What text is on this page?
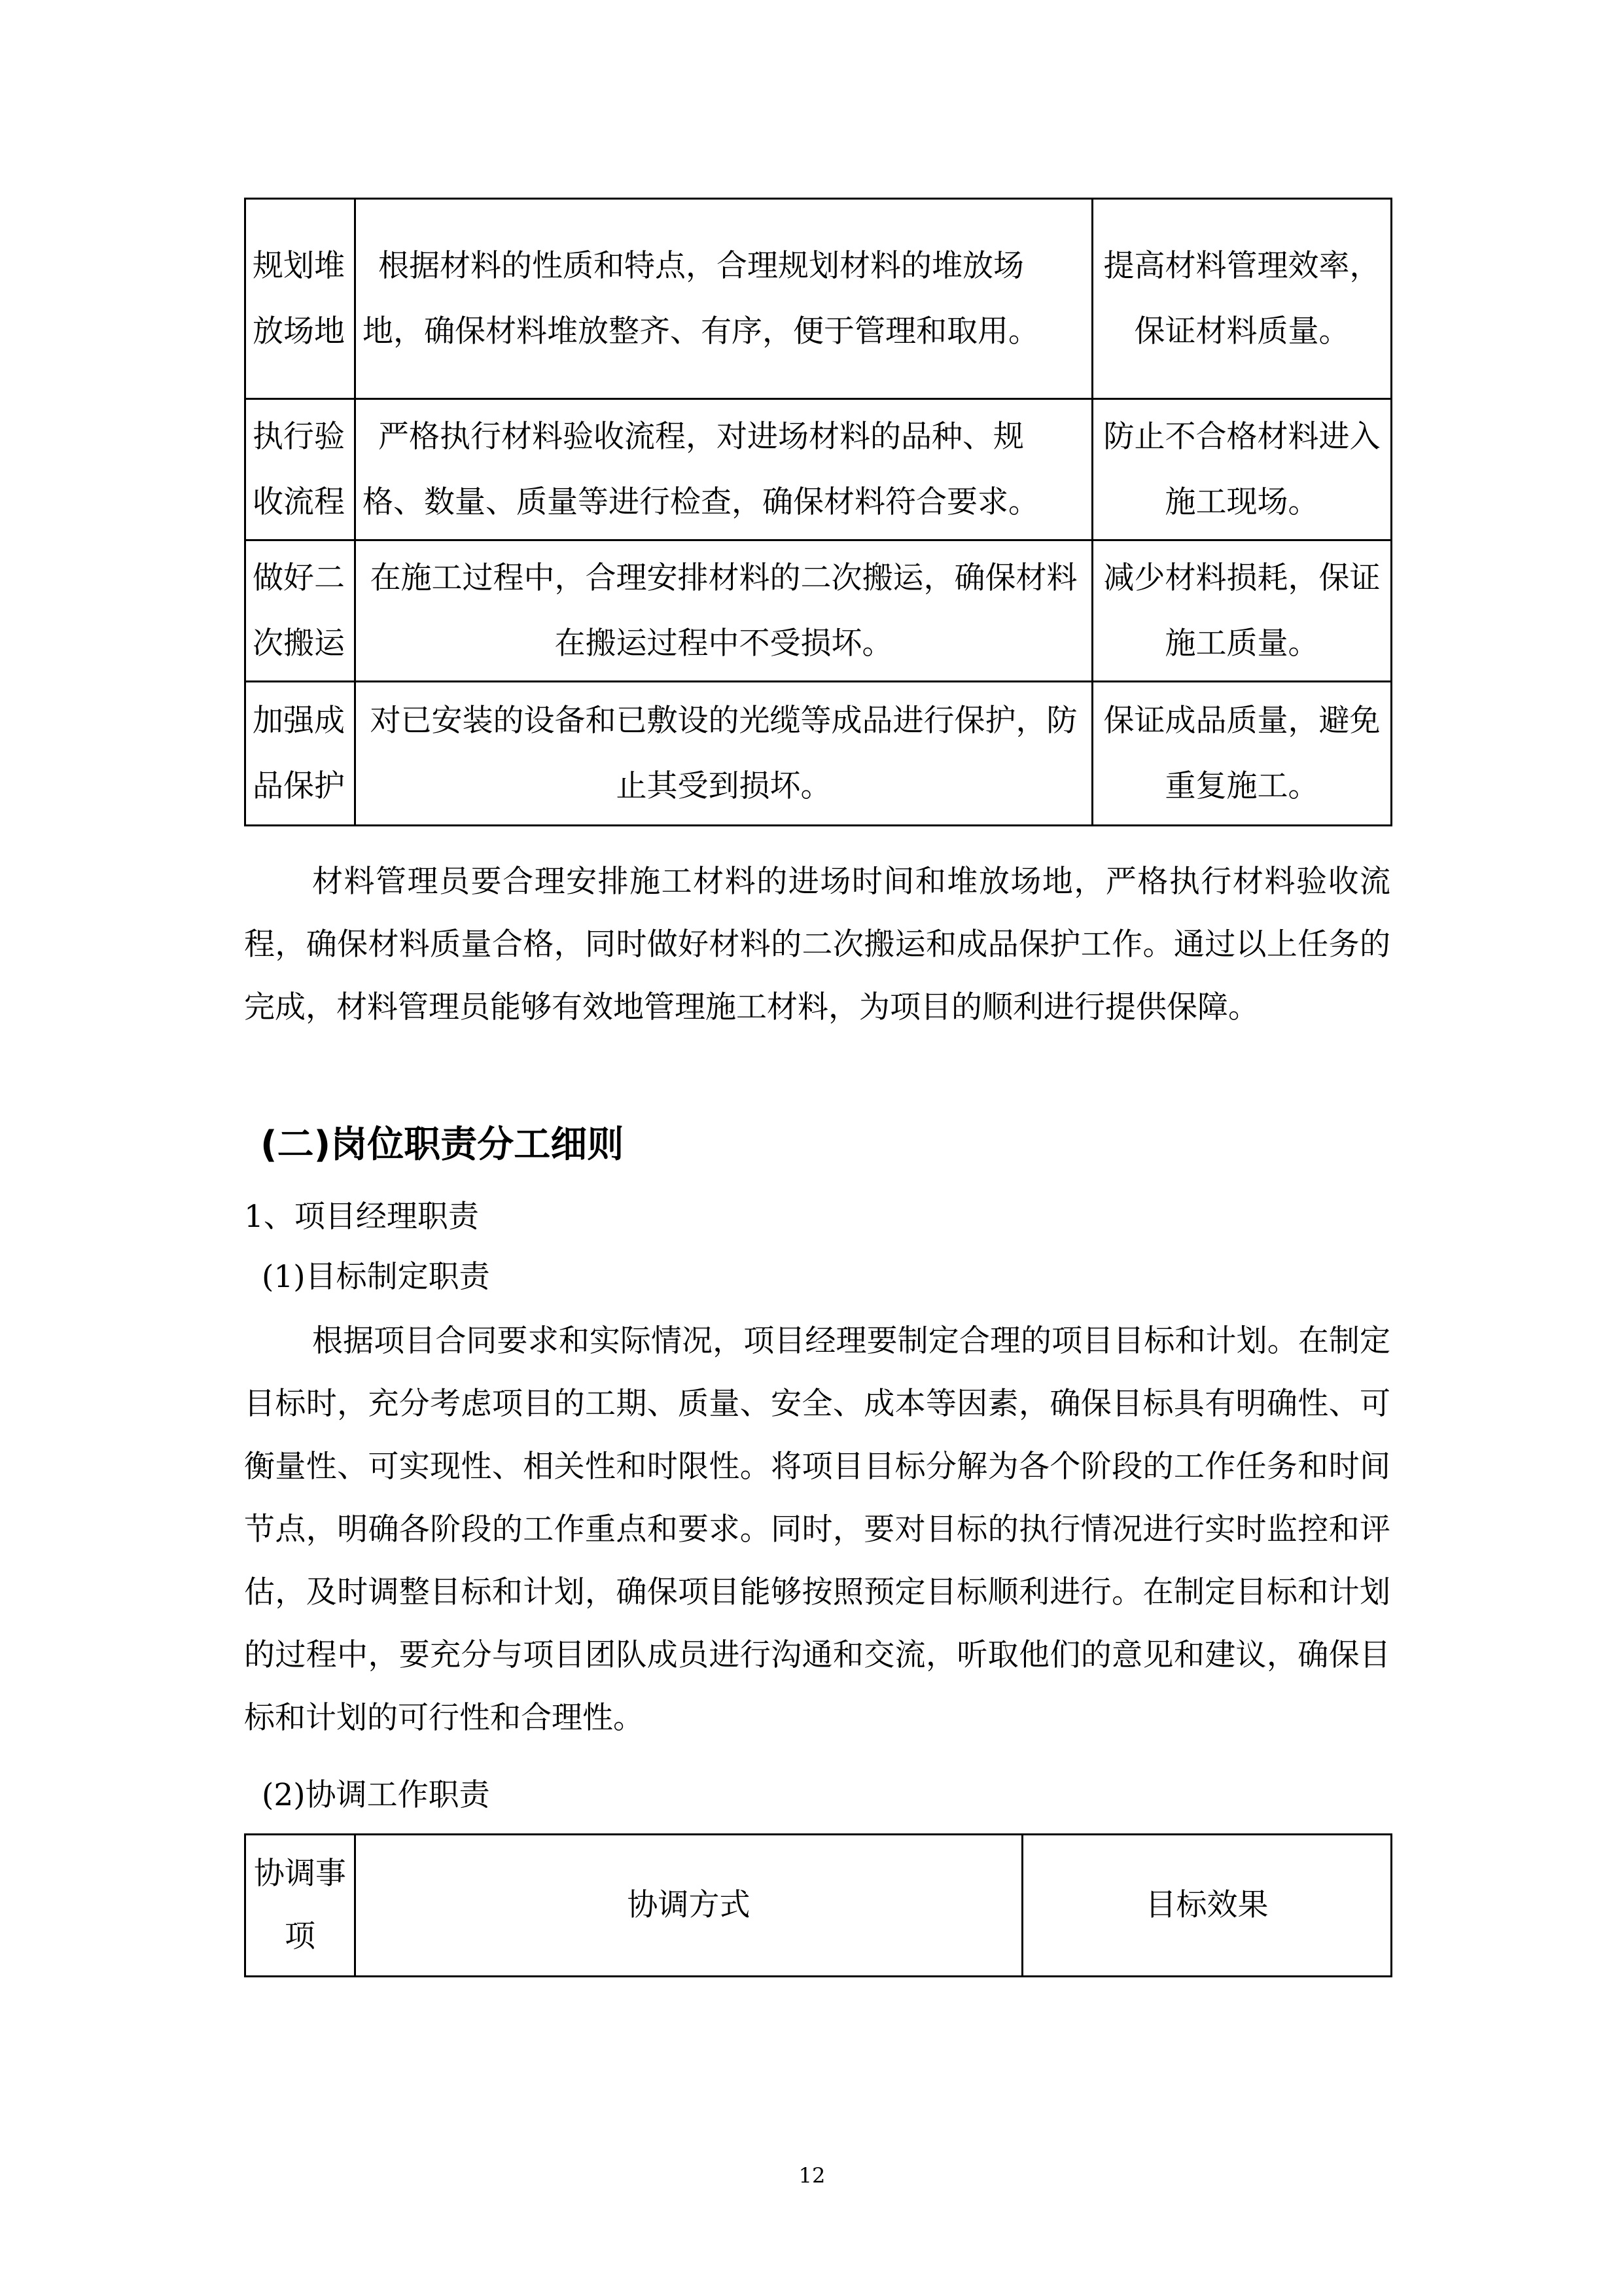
规划堆放场地	根据材料的性质和特点，合理规划材料的堆放场地，确保材料堆放整齐、有序，便于管理和取用。	提高材料管理效率，保证材料质量。
执行验收流程	严格执行材料验收流程，对进场材料的品种、规格、数量、质量等进行检查，确保材料符合要求。	防止不合格材料进入施工现场。
做好二次搬运	在施工过程中，合理安排材料的二次搬运，确保材料在搬运过程中不受损坏。	减少材料损耗，保证施工质量。
加强成品保护	对已安装的设备和已敷设的光缆等成品进行保护，防止其受到损坏。	保证成品质量，避免重复施工。

材料管理员要合理安排施工材料的进场时间和堆放场地，严格执行材料验收流程，确保材料质量合格，同时做好材料的二次搬运和成品保护工作。通过以上任务的完成，材料管理员能够有效地管理施工材料，为项目的顺利进行提供保障。

(二)岗位职责分工细则

1、项目经理职责

(1)目标制定职责

根据项目合同要求和实际情况，项目经理要制定合理的项目目标和计划。在制定目标时，充分考虑项目的工期、质量、安全、成本等因素，确保目标具有明确性、可衡量性、可实现性、相关性和时限性。将项目目标分解为各个阶段的工作任务和时间节点，明确各阶段的工作重点和要求。同时，要对目标的执行情况进行实时监控和评估，及时调整目标和计划，确保项目能够按照预定目标顺利进行。在制定目标和计划的过程中，要充分与项目团队成员进行沟通和交流，听取他们的意见和建议，确保目标和计划的可行性和合理性。

(2)协调工作职责

协调事项	协调方式	目标效果
12
